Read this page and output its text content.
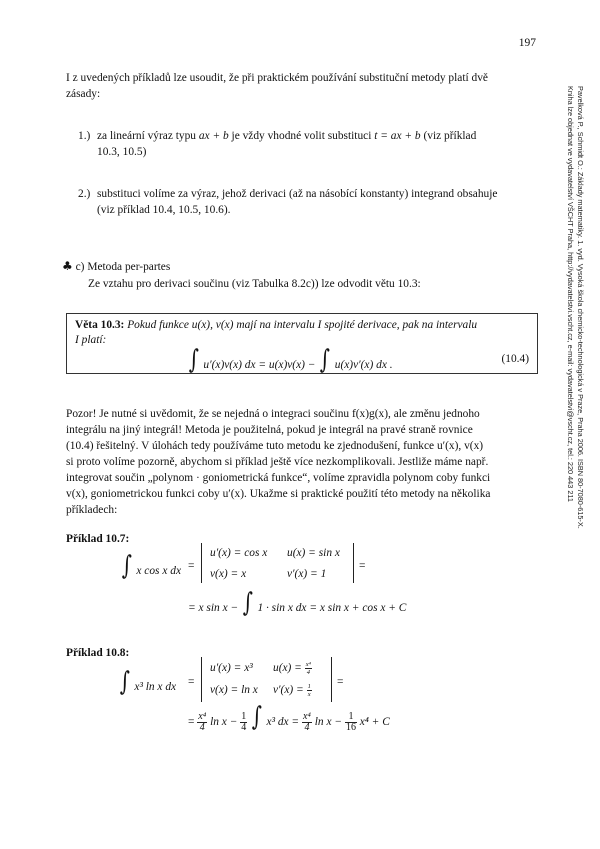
197
Pavelková P., Schmidt O.: Základy matematiky. 1. vyd. Vysoká škola chemicko-technologická v Praze, Praha 2006. ISBN 80-7080-615-X.
Kniha lze objednat ve vydavatelství VŠCHT Praha, http://vydavatelstvi.vscht.cz, e-mail: vydavatelstvi@vscht.cz, tel.: 220 443 211
I z uvedených příkladů lze usoudit, že při praktickém používání substituční metody platí dvě
zásady:
1.) za lineární výraz typu ax + b je vždy vhodné volit substituci t = ax + b (viz příklad
10.3, 10.5)
2.) substituci volíme za výraz, jehož derivaci (až na násobící konstanty) integrand obsahuje
(viz příklad 10.4, 10.5, 10.6).
♣ c) Metoda per-partes
Ze vztahu pro derivaci součinu (viz Tabulka 8.2c)) lze odvodit větu 10.3:
Věta 10.3: Pokud funkce u(x), v(x) mají na intervalu I spojité derivace, pak na intervalu
I platí:
∫ u′(x)v(x) dx = u(x)v(x) − ∫ u(x)v′(x) dx .	(10.4)
Pozor! Je nutné si uvědomit, že se nejedná o integraci součinu f(x)g(x), ale změnu jednoho
integrálu na jiný integrál! Metoda je použitelná, pokud je integrál na pravé straně rovnice
(10.4) řešitelný. V úlohách tedy používáme tuto metodu ke zjednodušení, funkce u′(x), v(x)
si proto volíme pozorně, abychom si příklad ještě více nezkomplikovali. Jestliže máme např.
integrovat součin „polynom · goniometrická funkce“, volíme zpravidla polynom coby funkci
v(x), goniometrickou funkci coby u′(x). Ukažme si praktické použití této metody na několika
příkladech:
Příklad 10.7:
∫ x cos x dx =
u′(x) = cos x u(x) = sin x
v(x) = x	v′(x) = 1
=
= x sin x − ∫ 1 · sin x dx = x sin x + cos x + C
Příklad 10.8:
∫ x³ ln x dx =
u′(x) = x³ $u(x) = \frac{\text{x⁴}}{4}$
v(x) = ln x $v'(x) = \frac{1}{x}$
=
= $\frac{\text{x⁴}}{4}$ $\ln x - \frac{1}{4}$ ∫ x³ dx = $\frac{\text{x⁴}}{4}$ $\ln x - \frac{1}{16} x^4 + C$
